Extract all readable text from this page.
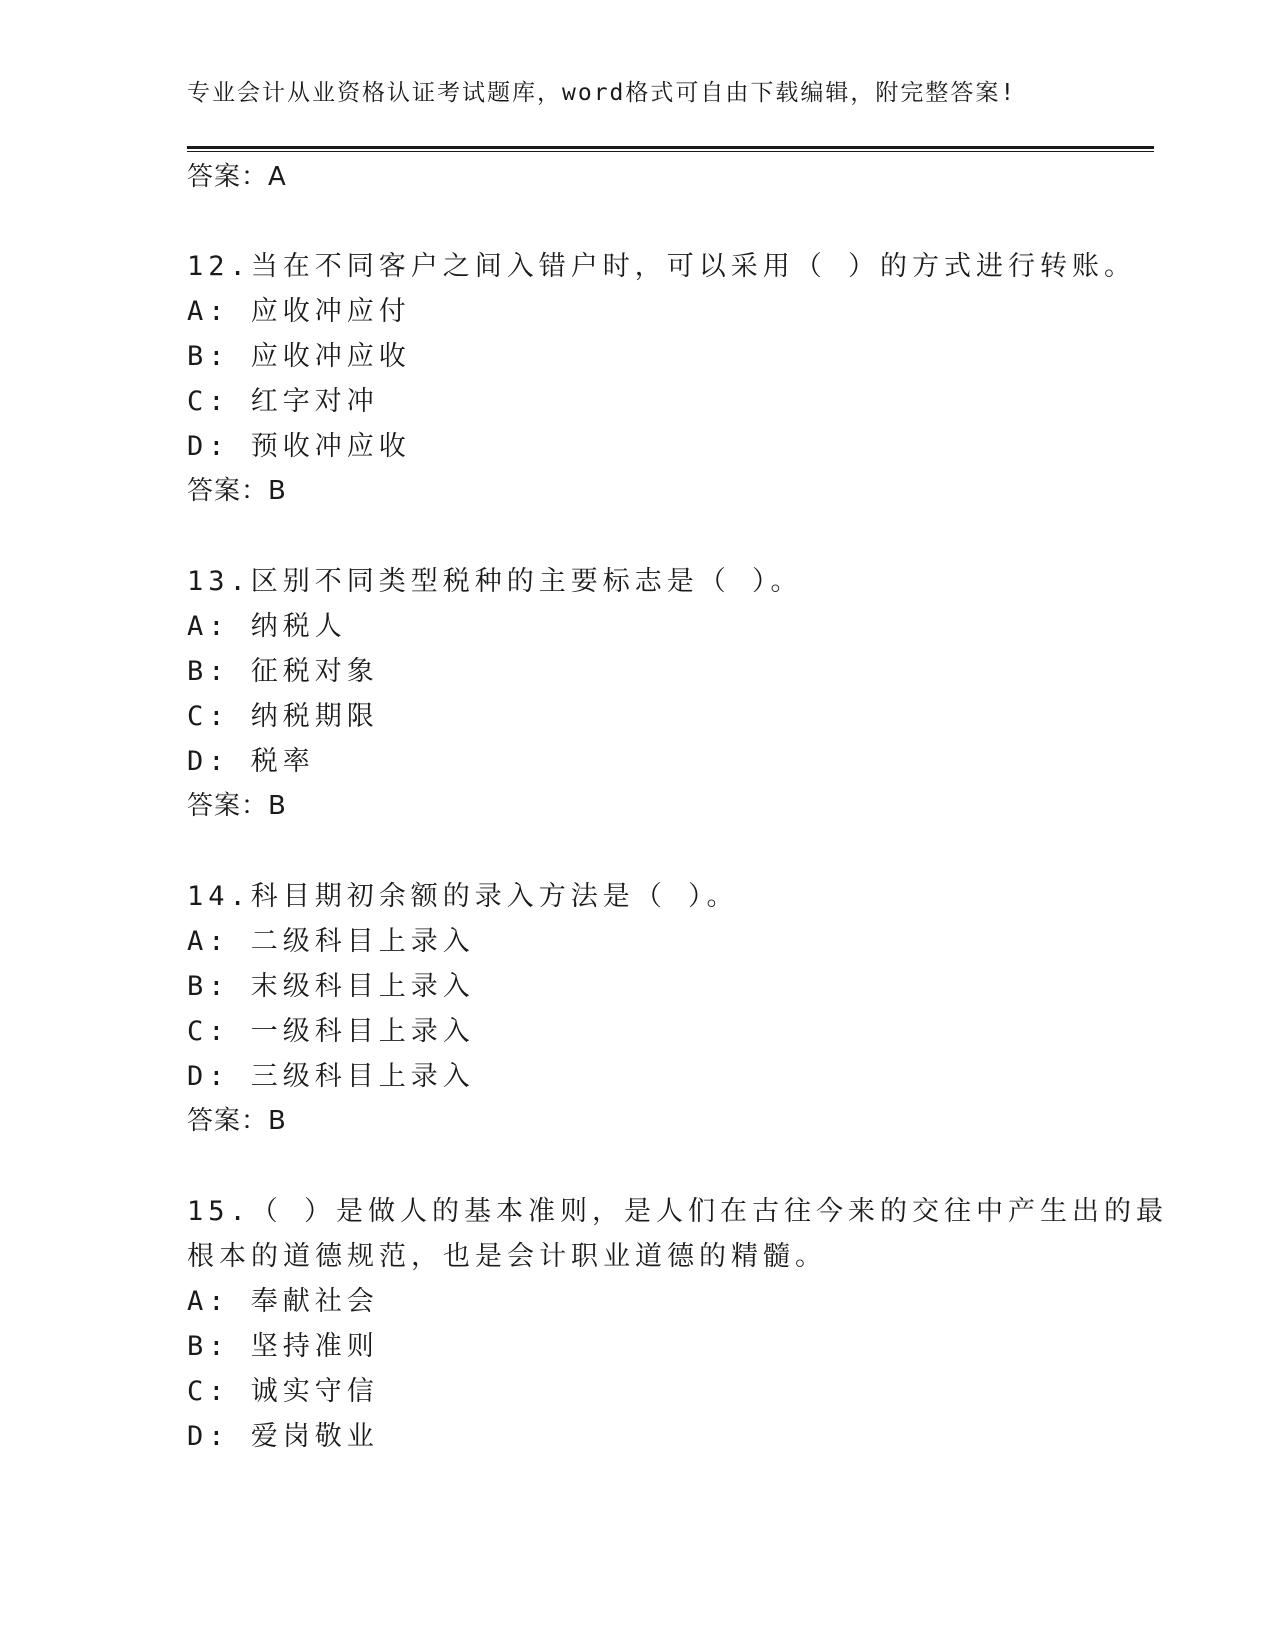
专业会计从业资格认证考试题库，word格式可自由下载编辑，附完整答案!
答案：A
12.当在不同客户之间入错户时，可以采用（ ）的方式进行转账。
A: 应收冲应付
B: 应收冲应收
C: 红字对冲
D: 预收冲应收
答案：B
13.区别不同类型税种的主要标志是（ ）。
A: 纳税人
B: 征税对象
C: 纳税期限
D: 税率
答案：B
14.科目期初余额的录入方法是（ ）。
A: 二级科目上录入
B: 末级科目上录入
C: 一级科目上录入
D: 三级科目上录入
答案：B
15.（ ）是做人的基本准则，是人们在古往今来的交往中产生出的最
根本的道德规范，也是会计职业道德的精髓。
A: 奉献社会
B: 坚持准则
C: 诚实守信
D: 爱岗敬业
